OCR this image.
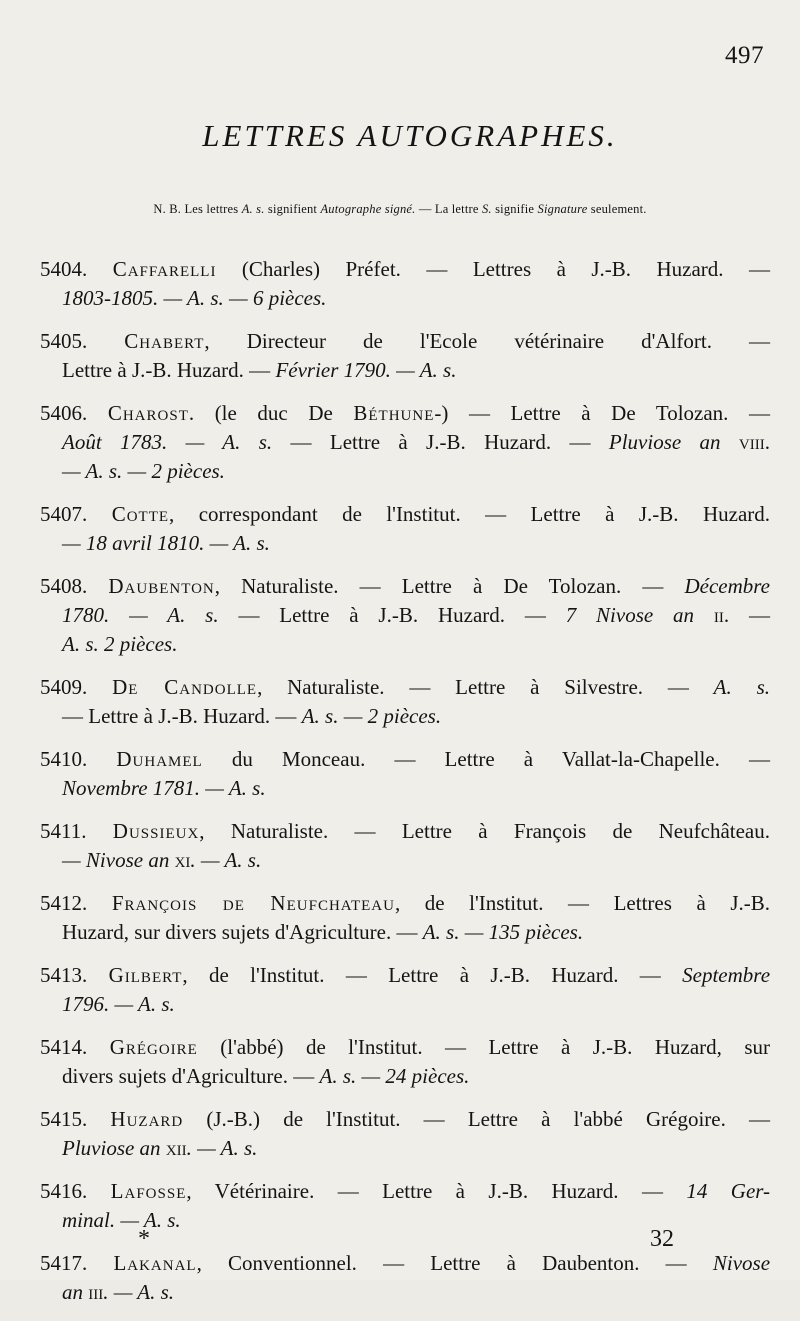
497
LETTRES AUTOGRAPHES.
N. B. Les lettres A. s. signifient Autographe signé. — La lettre S. signifie Signature seulement.
5404. Caffarelli (Charles) Préfet. — Lettres à J.-B. Huzard. —
1803-1805. — A. s. — 6 pièces.
5405. Chabert, Directeur de l'Ecole vétérinaire d'Alfort. —
Lettre à J.-B. Huzard. — Février 1790. — A. s.
5406. Charost. (le duc De Béthune-) — Lettre à De Tolozan. —
Août 1783. — A. s. — Lettre à J.-B. Huzard. — Pluviose an viii.
— A. s. — 2 pièces.
5407. Cotte, correspondant de l'Institut. — Lettre à J.-B. Huzard.
— 18 avril 1810. — A. s.
5408. Daubenton, Naturaliste. — Lettre à De Tolozan. — Décembre
1780. — A. s. — Lettre à J.-B. Huzard. — 7 Nivose an ii. —
A. s. 2 pièces.
5409. De Candolle, Naturaliste. — Lettre à Silvestre. — A. s.
— Lettre à J.-B. Huzard. — A. s. — 2 pièces.
5410. Duhamel du Monceau. — Lettre à Vallat-la-Chapelle. —
Novembre 1781. — A. s.
5411. Dussieux, Naturaliste. — Lettre à François de Neufchâteau.
— Nivose an xi. — A. s.
5412. François de Neufchateau, de l'Institut. — Lettres à J.-B.
Huzard, sur divers sujets d'Agriculture. — A. s. — 135 pièces.
5413. Gilbert, de l'Institut. — Lettre à J.-B. Huzard. — Septembre
1796. — A. s.
5414. Grégoire (l'abbé) de l'Institut. — Lettre à J.-B. Huzard, sur
divers sujets d'Agriculture. — A. s. — 24 pièces.
5415. Huzard (J.-B.) de l'Institut. — Lettre à l'abbé Grégoire. —
Pluviose an xii. — A. s.
5416. Lafosse, Vétérinaire. — Lettre à J.-B. Huzard. — 14 Ger-
minal. — A. s.
5417. Lakanal, Conventionnel. — Lettre à Daubenton. — Nivose
an iii. — A. s.
*	32
